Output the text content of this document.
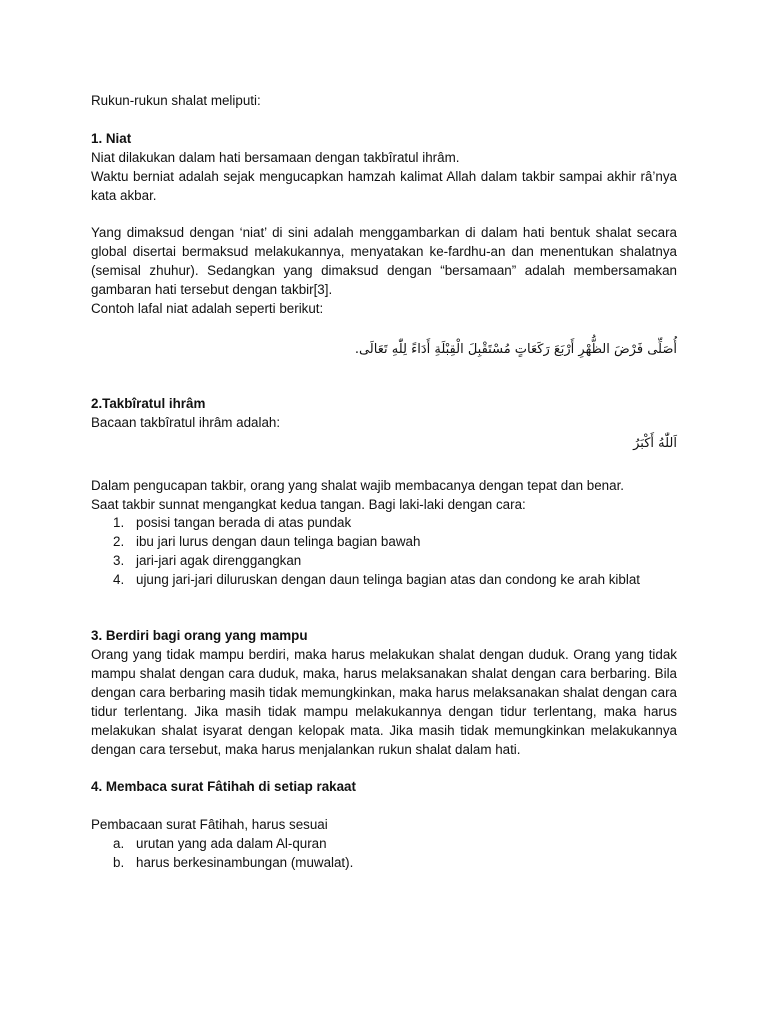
Rukun-rukun shalat meliputi:

1. Niat

Niat dilakukan dalam hati bersamaan dengan takbîratul ihrâm.

Waktu berniat adalah sejak mengucapkan hamzah kalimat Allah dalam takbir sampai akhir râ’nya kata akbar.

Yang dimaksud dengan ‘niat’ di sini adalah menggambarkan di dalam hati bentuk shalat secara global disertai bermaksud melakukannya, menyatakan ke-fardhu-an dan menentukan shalatnya (semisal zhuhur). Sedangkan yang dimaksud dengan “bersamaan” adalah membersamakan gambaran hati tersebut dengan takbir[3].

Contoh lafal niat adalah seperti berikut:

أُصَلِّى فَرْضَ الظُّهْرِ أَرْبَعَ رَكَعَاتٍ مُسْتَقْبِلَ الْقِبْلَةِ أَدَاءً لِلّٰهِ تَعَالَى.

2.Takbîratul ihrâm

Bacaan takbîratul ihrâm adalah:

اَللّٰهُ أَكْبَرُ

Dalam pengucapan takbir, orang yang shalat wajib membacanya dengan tepat dan benar.

Saat takbir sunnat mengangkat kedua tangan. Bagi laki-laki dengan cara:

1. posisi tangan berada di atas pundak
2. ibu jari lurus dengan daun telinga bagian bawah
3. jari-jari agak direnggangkan
4. ujung jari-jari diluruskan dengan daun telinga bagian atas dan condong ke arah kiblat

3. Berdiri bagi orang yang mampu

Orang yang tidak mampu berdiri, maka harus melakukan shalat dengan duduk. Orang yang tidak mampu shalat dengan cara duduk, maka, harus melaksanakan shalat dengan cara berbaring. Bila dengan cara berbaring masih tidak memungkinkan, maka harus melaksanakan shalat dengan cara tidur terlentang. Jika masih tidak mampu melakukannya dengan tidur terlentang, maka harus melakukan shalat isyarat dengan kelopak mata. Jika masih tidak memungkinkan melakukannya dengan cara tersebut, maka harus menjalankan rukun shalat dalam hati.

4. Membaca surat Fâtihah di setiap rakaat

Pembacaan surat Fâtihah, harus sesuai

a. urutan yang ada dalam Al-quran
b. harus berkesinambungan (muwalat).
